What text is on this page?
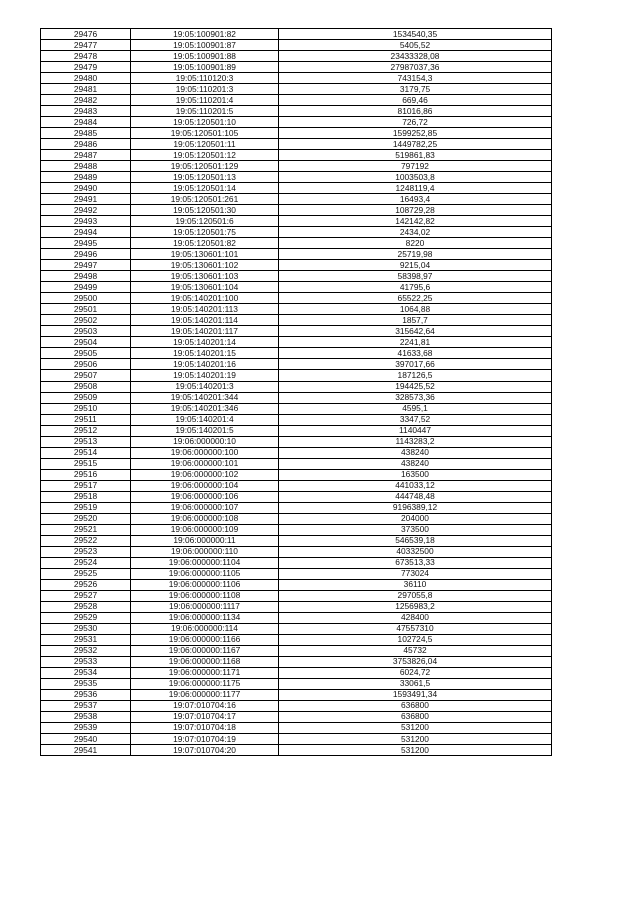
29476	19:05:100901:82	1534540,35
29477	19:05:100901:87	5405,52
29478	19:05:100901:88	23433328,08
29479	19:05:100901:89	27987037,36
29480	19:05:110120:3	743154,3
29481	19:05:110201:3	3179,75
29482	19:05:110201:4	669,46
29483	19:05:110201:5	81016,86
29484	19:05:120501:10	726,72
29485	19:05:120501:105	1599252,85
29486	19:05:120501:11	1449782,25
29487	19:05:120501:12	519861,83
29488	19:05:120501:129	797192
29489	19:05:120501:13	1003503,8
29490	19:05:120501:14	1248119,4
29491	19:05:120501:261	16493,4
29492	19:05:120501:30	108729,28
29493	19:05:120501:6	142142,82
29494	19:05:120501:75	2434,02
29495	19:05:120501:82	8220
29496	19:05:130601:101	25719,98
29497	19:05:130601:102	9215,04
29498	19:05:130601:103	58398,97
29499	19:05:130601:104	41795,6
29500	19:05:140201:100	65522,25
29501	19:05:140201:113	1064,88
29502	19:05:140201:114	1857,7
29503	19:05:140201:117	315642,64
29504	19:05:140201:14	2241,81
29505	19:05:140201:15	41633,68
29506	19:05:140201:16	397017,66
29507	19:05:140201:19	187126,5
29508	19:05:140201:3	194425,52
29509	19:05:140201:344	328573,36
29510	19:05:140201:346	4595,1
29511	19:05:140201:4	3347,52
29512	19:05:140201:5	1140447
29513	19:06:000000:10	1143283,2
29514	19:06:000000:100	438240
29515	19:06:000000:101	438240
29516	19:06:000000:102	163500
29517	19:06:000000:104	441033,12
29518	19:06:000000:106	444748,48
29519	19:06:000000:107	9196389,12
29520	19:06:000000:108	204000
29521	19:06:000000:109	373500
29522	19:06:000000:11	546539,18
29523	19:06:000000:110	40332500
29524	19:06:000000:1104	673513,33
29525	19:06:000000:1105	773024
29526	19:06:000000:1106	36110
29527	19:06:000000:1108	297055,8
29528	19:06:000000:1117	1256983,2
29529	19:06:000000:1134	428400
29530	19:06:000000:114	47557310
29531	19:06:000000:1166	102724,5
29532	19:06:000000:1167	45732
29533	19:06:000000:1168	3753826,04
29534	19:06:000000:1171	6024,72
29535	19:06:000000:1175	33061,5
29536	19:06:000000:1177	1593491,34
29537	19:07:010704:16	636800
29538	19:07:010704:17	636800
29539	19:07:010704:18	531200
29540	19:07:010704:19	531200
29541	19:07:010704:20	531200
